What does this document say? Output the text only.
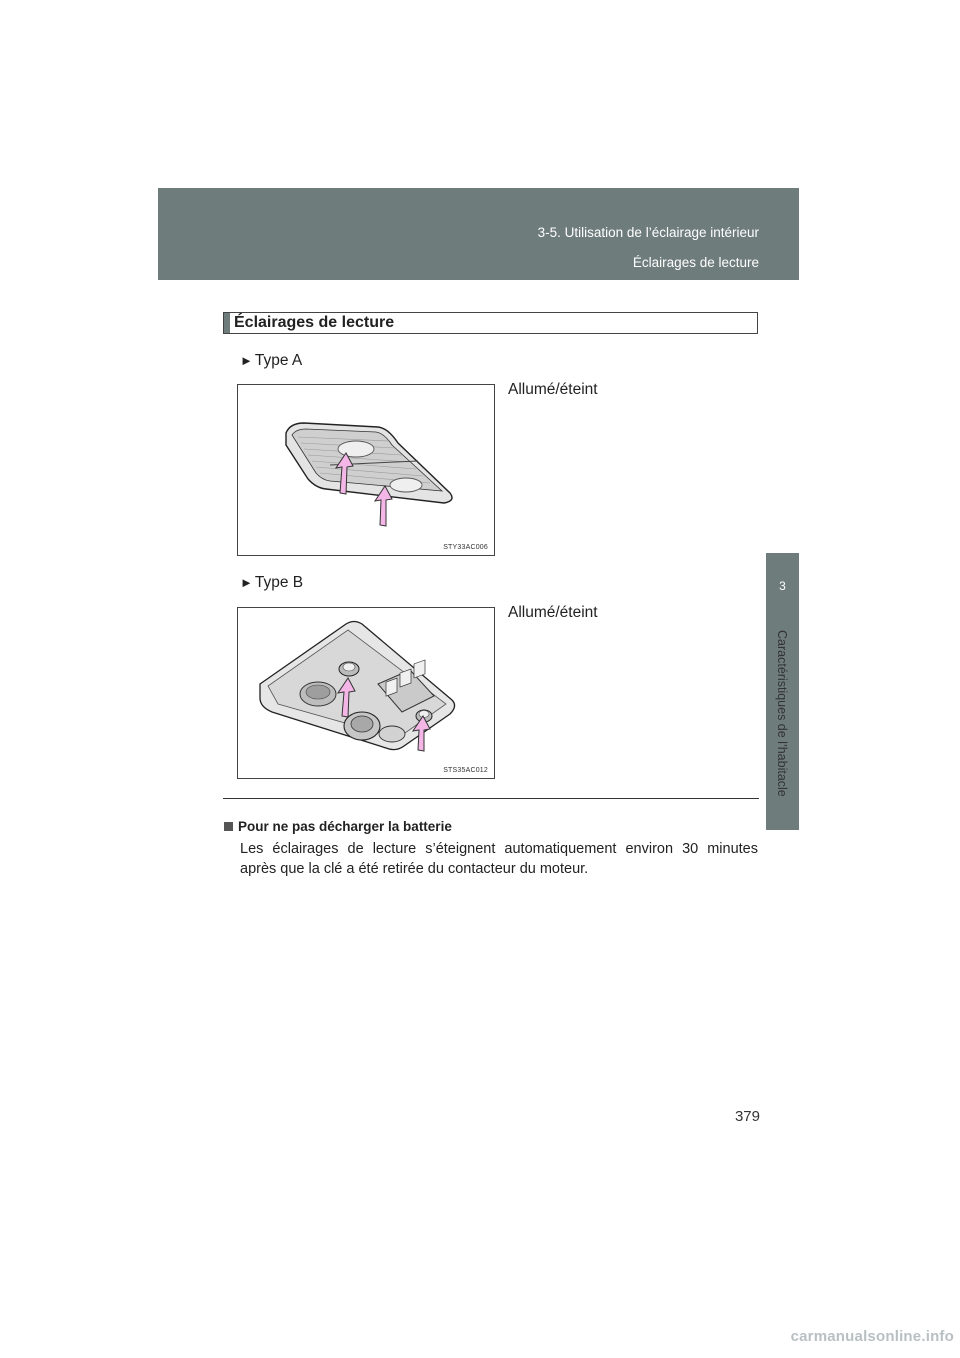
3-5. Utilisation de l’éclairage intérieur
Éclairages de lecture
3
Caractéristiques de l’habitacle
Éclairages de lecture
► Type A
Allumé/éteint
STY33AC006
► Type B
Allumé/éteint
STS35AC012
Pour ne pas décharger la batterie
Les éclairages de lecture s’éteignent automatiquement environ 30 minutes après que la clé a été retirée du contacteur du moteur.
379
carmanualsonline.info
